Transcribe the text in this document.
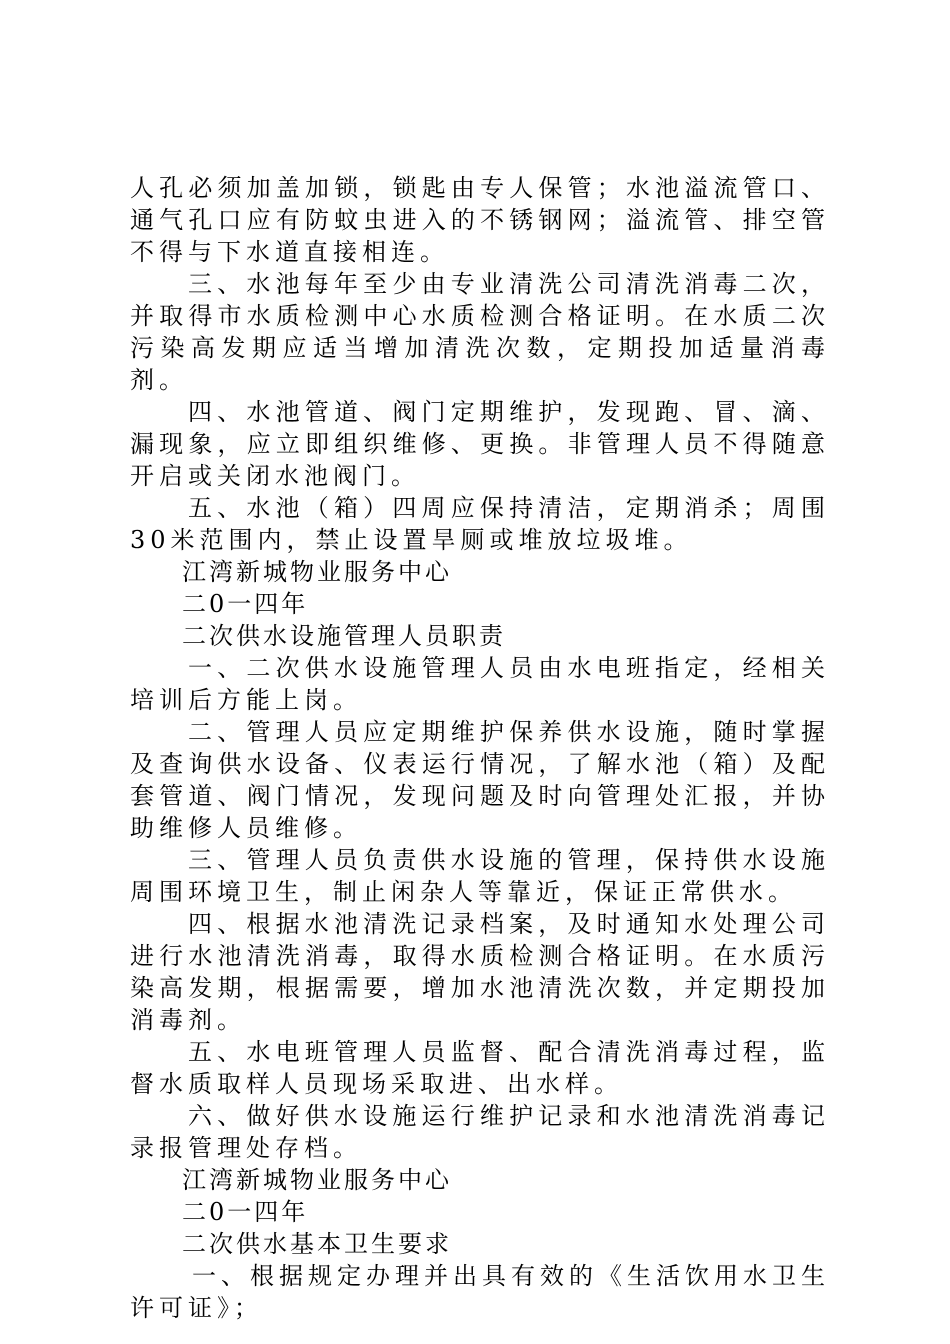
人孔必须加盖加锁，锁匙由专人保管；水池溢流管口、通气孔口应有防蚊虫进入的不锈钢网；溢流管、排空管不得与下水道直接相连。

三、水池每年至少由专业清洗公司清洗消毒二次，并取得市水质检测中心水质检测合格证明。在水质二次污染高发期应适当增加清洗次数，定期投加适量消毒剂。

四、水池管道、阀门定期维护，发现跑、冒、滴、漏现象，应立即组织维修、更换。非管理人员不得随意开启或关闭水池阀门。

五、水池（箱）四周应保持清洁，定期消杀；周围30米范围内，禁止设置旱厕或堆放垃圾堆。

江湾新城物业服务中心

二0一四年

二次供水设施管理人员职责

一、二次供水设施管理人员由水电班指定，经相关培训后方能上岗。

二、管理人员应定期维护保养供水设施，随时掌握及查询供水设备、仪表运行情况，了解水池（箱）及配套管道、阀门情况，发现问题及时向管理处汇报，并协助维修人员维修。

三、管理人员负责供水设施的管理，保持供水设施周围环境卫生，制止闲杂人等靠近，保证正常供水。

四、根据水池清洗记录档案，及时通知水处理公司进行水池清洗消毒，取得水质检测合格证明。在水质污染高发期，根据需要，增加水池清洗次数，并定期投加消毒剂。

五、水电班管理人员监督、配合清洗消毒过程，监督水质取样人员现场采取进、出水样。

六、做好供水设施运行维护记录和水池清洗消毒记录报管理处存档。

江湾新城物业服务中心

二0一四年

二次供水基本卫生要求

一、根据规定办理并出具有效的《生活饮用水卫生许可证》；
